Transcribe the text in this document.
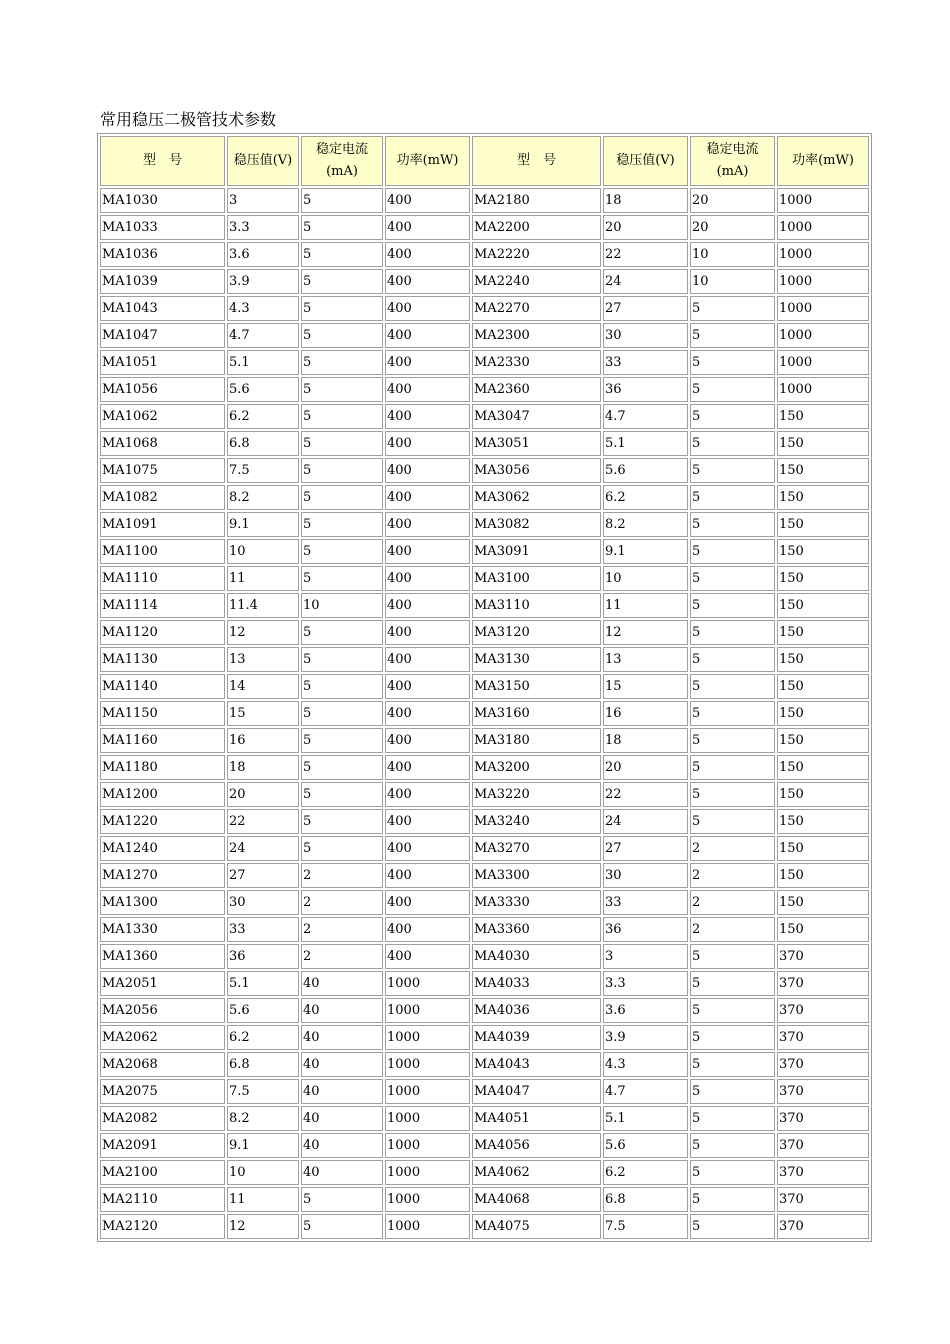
常用稳压二极管技术参数
型　号	稳压值(V)	稳定电流(mA)	功率(mW)	型　号	稳压值(V)	稳定电流(mA)	功率(mW)
MA1030	3	5	400	MA2180	18	20	1000
MA1033	3.3	5	400	MA2200	20	20	1000
MA1036	3.6	5	400	MA2220	22	10	1000
MA1039	3.9	5	400	MA2240	24	10	1000
MA1043	4.3	5	400	MA2270	27	5	1000
MA1047	4.7	5	400	MA2300	30	5	1000
MA1051	5.1	5	400	MA2330	33	5	1000
MA1056	5.6	5	400	MA2360	36	5	1000
MA1062	6.2	5	400	MA3047	4.7	5	150
MA1068	6.8	5	400	MA3051	5.1	5	150
MA1075	7.5	5	400	MA3056	5.6	5	150
MA1082	8.2	5	400	MA3062	6.2	5	150
MA1091	9.1	5	400	MA3082	8.2	5	150
MA1100	10	5	400	MA3091	9.1	5	150
MA1110	11	5	400	MA3100	10	5	150
MA1114	11.4	10	400	MA3110	11	5	150
MA1120	12	5	400	MA3120	12	5	150
MA1130	13	5	400	MA3130	13	5	150
MA1140	14	5	400	MA3150	15	5	150
MA1150	15	5	400	MA3160	16	5	150
MA1160	16	5	400	MA3180	18	5	150
MA1180	18	5	400	MA3200	20	5	150
MA1200	20	5	400	MA3220	22	5	150
MA1220	22	5	400	MA3240	24	5	150
MA1240	24	5	400	MA3270	27	2	150
MA1270	27	2	400	MA3300	30	2	150
MA1300	30	2	400	MA3330	33	2	150
MA1330	33	2	400	MA3360	36	2	150
MA1360	36	2	400	MA4030	3	5	370
MA2051	5.1	40	1000	MA4033	3.3	5	370
MA2056	5.6	40	1000	MA4036	3.6	5	370
MA2062	6.2	40	1000	MA4039	3.9	5	370
MA2068	6.8	40	1000	MA4043	4.3	5	370
MA2075	7.5	40	1000	MA4047	4.7	5	370
MA2082	8.2	40	1000	MA4051	5.1	5	370
MA2091	9.1	40	1000	MA4056	5.6	5	370
MA2100	10	40	1000	MA4062	6.2	5	370
MA2110	11	5	1000	MA4068	6.8	5	370
MA2120	12	5	1000	MA4075	7.5	5	370
